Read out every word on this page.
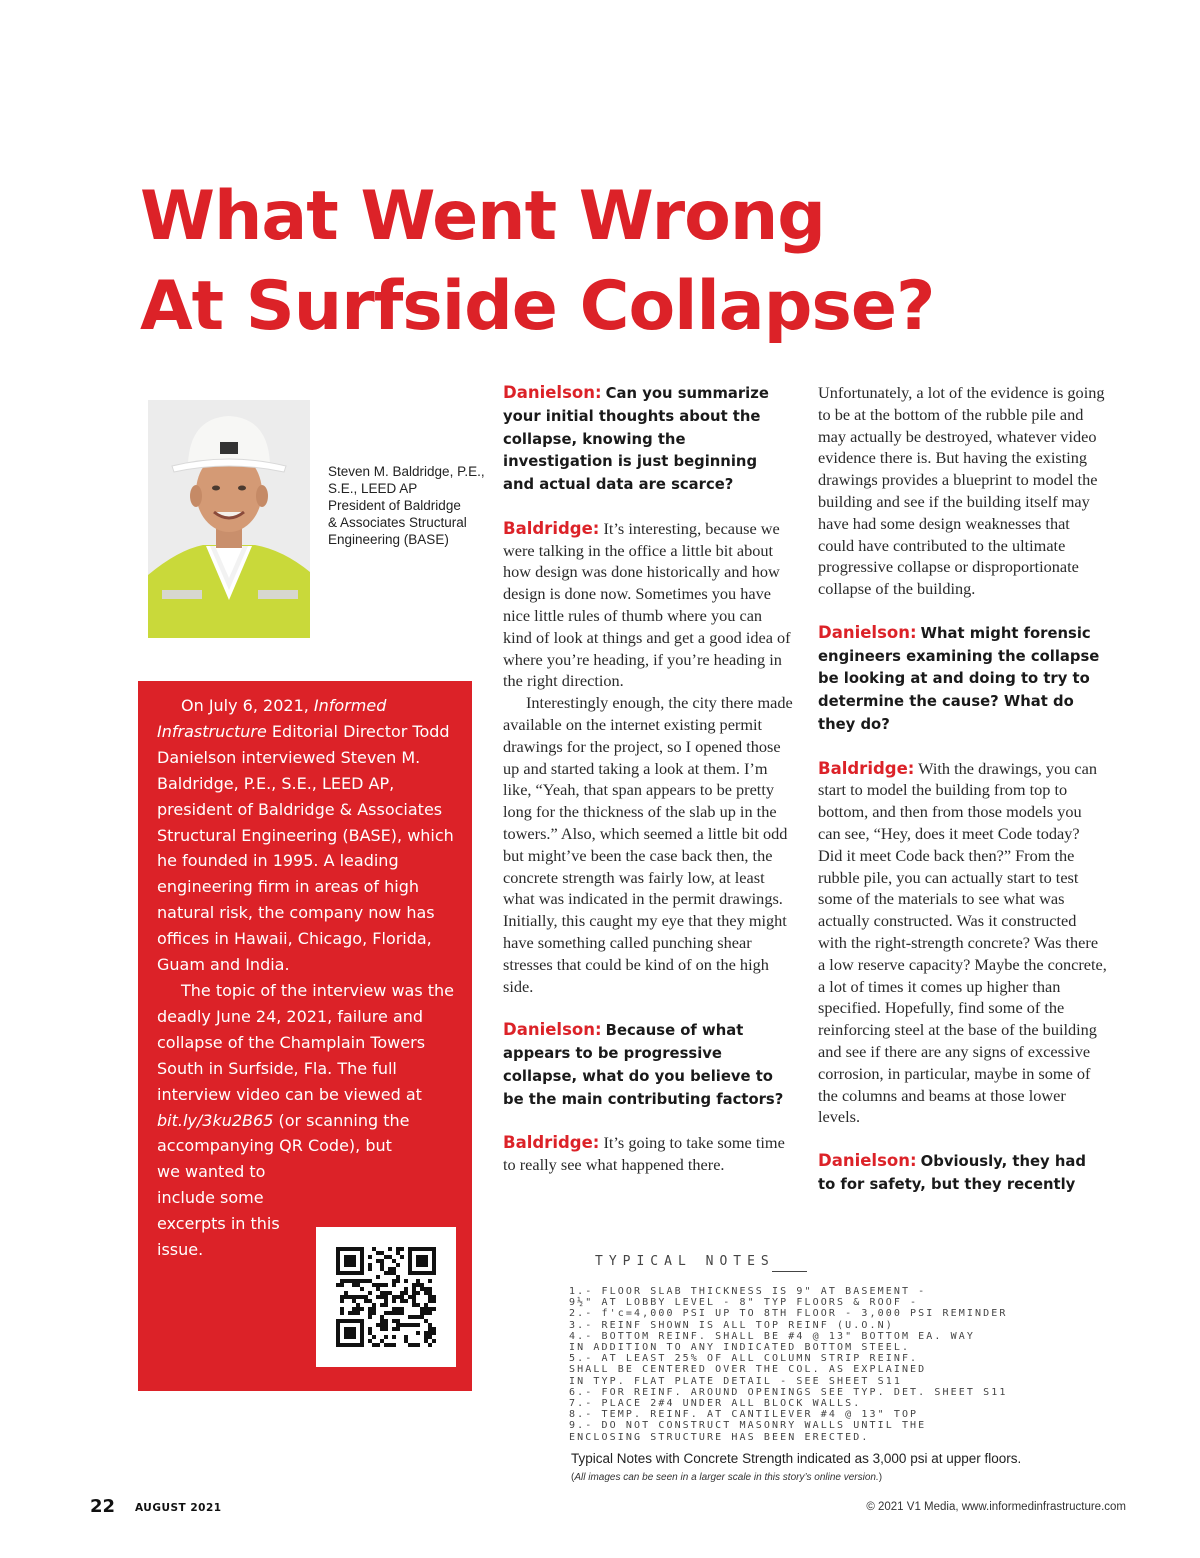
What Went Wrong
At Surfside Collapse?
Steven M. Baldridge, P.E.,
S.E., LEED AP
President of Baldridge
& Associates Structural
Engineering (BASE)

On July 6, 2021, Informed Infrastructure Editorial Director Todd Danielson interviewed Steven M. Baldridge, P.E., S.E., LEED AP, president of Baldridge & Associates Structural Engineering (BASE), which he founded in 1995. A leading engineering firm in areas of high natural risk, the company now has offices in Hawaii, Chicago, Florida, Guam and India.

The topic of the interview was the deadly June 24, 2021, failure and collapse of the Champlain Towers South in Surfside, Fla. The full interview video can be viewed at bit.ly/3ku2B65 (or scanning the accompanying QR Code), but

we wanted to include some excerpts in this issue.

Danielson: Can you summarize your initial thoughts about the collapse, knowing the investigation is just beginning and actual data are scarce?

Baldridge: It’s interesting, because we were talking in the office a little bit about how design was done historically and how design is done now. Sometimes you have nice little rules of thumb where you can kind of look at things and get a good idea of where you’re heading, if you’re heading in the right direction.

Interestingly enough, the city there made available on the internet existing permit drawings for the project, so I opened those up and started taking a look at them. I’m like, “Yeah, that span appears to be pretty long for the thickness of the slab up in the towers.” Also, which seemed a little bit odd but might’ve been the case back then, the concrete strength was fairly low, at least what was indicated in the permit drawings. Initially, this caught my eye that they might have something called punching shear stresses that could be kind of on the high side.

Danielson: Because of what appears to be progressive collapse, what do you believe to be the main contributing factors?

Baldridge: It’s going to take some time to really see what happened there.

Unfortunately, a lot of the evidence is going to be at the bottom of the rubble pile and may actually be destroyed, whatever video evidence there is. But having the existing drawings provides a blueprint to model the building and see if the building itself may have had some design weaknesses that could have contributed to the ultimate progressive collapse or disproportionate collapse of the building.

Danielson: What might forensic engineers examining the collapse be looking at and doing to try to determine the cause? What do they do?

Baldridge: With the drawings, you can start to model the building from top to bottom, and then from those models you can see, “Hey, does it meet Code today? Did it meet Code back then?” From the rubble pile, you can actually start to test some of the materials to see what was actually constructed. Was it constructed with the right-strength concrete? Was there a low reserve capacity? Maybe the concrete, a lot of times it comes up higher than specified. Hopefully, find some of the reinforcing steel at the base of the building and see if there are any signs of excessive corrosion, in particular, maybe in some of the columns and beams at those lower levels.

Danielson: Obviously, they had to for safety, but they recently

TYPICAL NOTES
1.- FLOOR SLAB THICKNESS IS 9" AT BASEMENT -
9½" AT LOBBY LEVEL - 8" TYP FLOORS & ROOF -
2.- f'c=4,000 PSI UP TO 8TH FLOOR - 3,000 PSI REMINDER
3.- REINF SHOWN IS ALL TOP REINF (U.O.N)
4.- BOTTOM REINF. SHALL BE #4 @ 13" BOTTOM EA. WAY
IN ADDITION TO ANY INDICATED BOTTOM STEEL.
5.- AT LEAST 25% OF ALL COLUMN STRIP REINF.
SHALL BE CENTERED OVER THE COL. AS EXPLAINED
IN TYP. FLAT PLATE DETAIL - SEE SHEET S11
6.- FOR REINF. AROUND OPENINGS SEE TYP. DET. SHEET S11
7.- PLACE 2#4 UNDER ALL BLOCK WALLS.
8.- TEMP. REINF. AT CANTILEVER #4 @ 13" TOP
9.- DO NOT CONSTRUCT MASONRY WALLS UNTIL THE
ENCLOSING STRUCTURE HAS BEEN ERECTED.
Typical Notes with Concrete Strength indicated as 3,000 psi at upper floors.
(All images can be seen in a larger scale in this story’s online version.)
22 AUGUST 2021	© 2021 V1 Media, www.informedinfrastructure.com
